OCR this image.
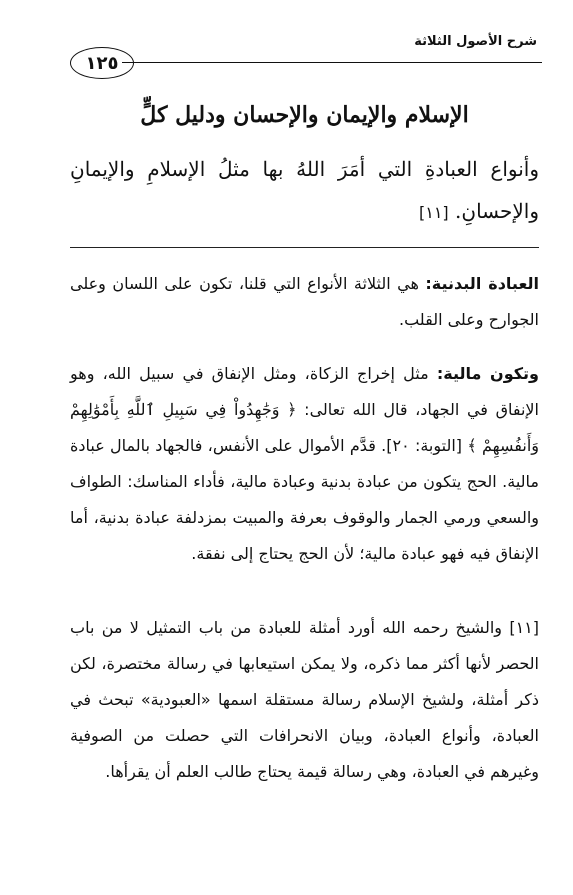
شرح الأصول الثلاثة
١٢٥
الإسلام والإيمان والإحسان ودليل كلٍّ
وأنواع العبادةِ التي أمَرَ اللهُ بها مثلُ الإسلامِ والإيمانِ والإحسانِ. [١١]
العبادة البدنية: هي الثلاثة الأنواع التي قلنا، تكون على اللسان وعلى الجوارح وعلى القلب.
وتكون مالية: مثل إخراج الزكاة، ومثل الإنفاق في سبيل الله، وهو الإنفاق في الجهاد، قال الله تعالى: ﴿ وَجَٰهِدُواْ فِي سَبِيلِ ٱللَّهِ بِأَمْوَٰلِهِمْ وَأَنفُسِهِمْ ﴾ [التوبة: ٢٠]. قدَّم الأموال على الأنفس، فالجهاد بالمال عبادة مالية. الحج يتكون من عبادة بدنية وعبادة مالية، فأداء المناسك: الطواف والسعي ورمي الجمار والوقوف بعرفة والمبيت بمزدلفة عبادة بدنية، أما الإنفاق فيه فهو عبادة مالية؛ لأن الحج يحتاج إلى نفقة.
[١١] والشيخ رحمه الله أورد أمثلة للعبادة من باب التمثيل لا من باب الحصر لأنها أكثر مما ذكره، ولا يمكن استيعابها في رسالة مختصرة، لكن ذكر أمثلة، ولشيخ الإسلام رسالة مستقلة اسمها «العبودية» تبحث في العبادة، وأنواع العبادة، وبيان الانحرافات التي حصلت من الصوفية وغيرهم في العبادة، وهي رسالة قيمة يحتاج طالب العلم أن يقرأها.
